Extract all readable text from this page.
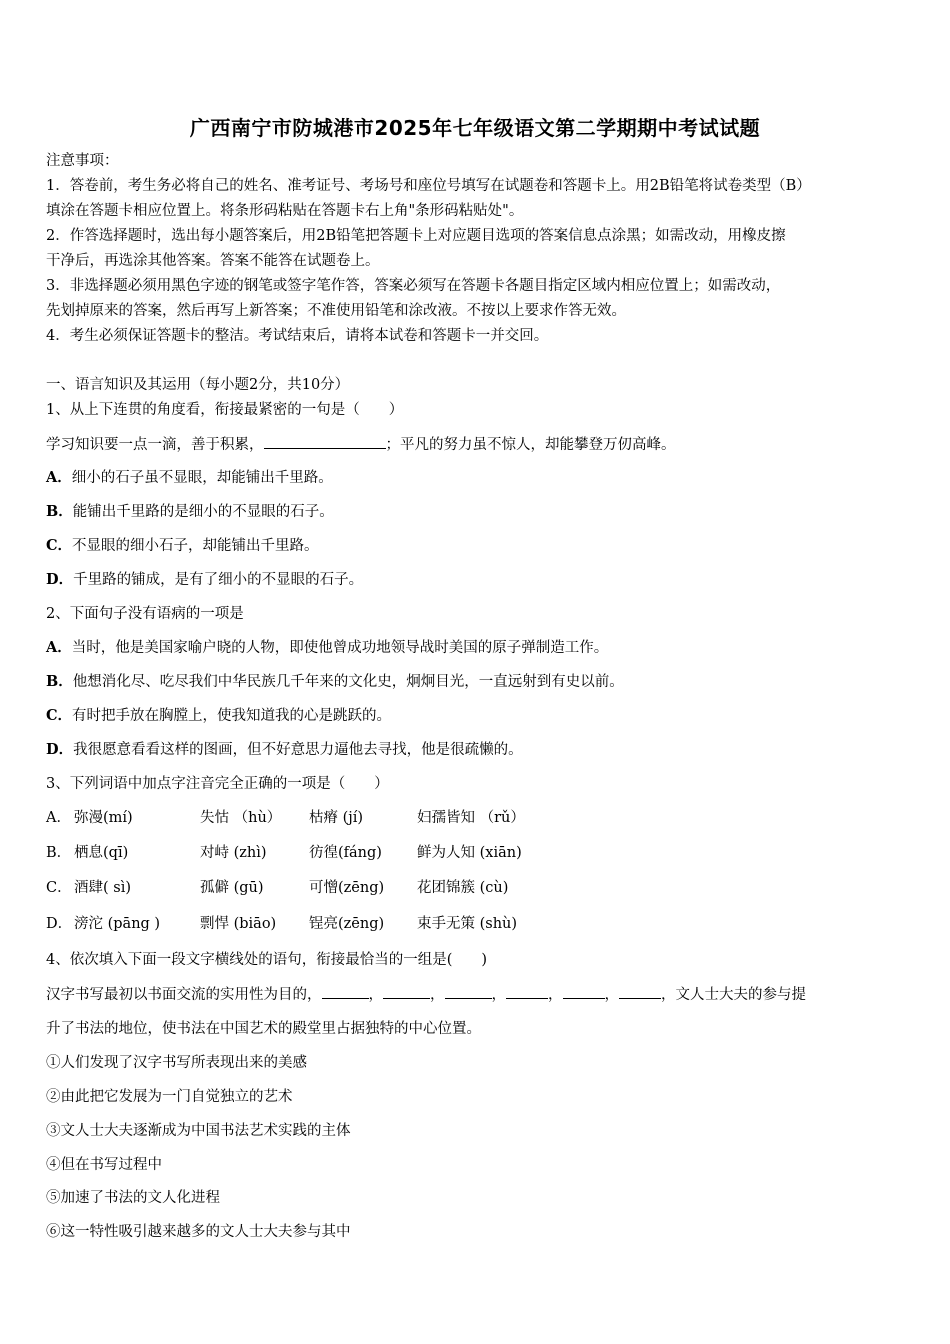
广西南宁市防城港市2025年七年级语文第二学期期中考试试题
注意事项：
1．答卷前，考生务必将自己的姓名、准考证号、考场号和座位号填写在试题卷和答题卡上。用2B铅笔将试卷类型（B）
填涂在答题卡相应位置上。将条形码粘贴在答题卡右上角"条形码粘贴处"。
2．作答选择题时，选出每小题答案后，用2B铅笔把答题卡上对应题目选项的答案信息点涂黑；如需改动，用橡皮擦
干净后，再选涂其他答案。答案不能答在试题卷上。
3．非选择题必须用黑色字迹的钢笔或签字笔作答，答案必须写在答题卡各题目指定区域内相应位置上；如需改动，
先划掉原来的答案，然后再写上新答案；不准使用铅笔和涂改液。不按以上要求作答无效。
4．考生必须保证答题卡的整洁。考试结束后，请将本试卷和答题卡一并交回。
一、语言知识及其运用（每小题2分，共10分）
1、从上下连贯的角度看，衔接最紧密的一句是（　　）
学习知识要一点一滴，善于积累，	；平凡的努力虽不惊人，却能攀登万仞高峰。
A．细小的石子虽不显眼，却能铺出千里路。
B．能铺出千里路的是细小的不显眼的石子。
C．不显眼的细小石子，却能铺出千里路。
D．千里路的铺成，是有了细小的不显眼的石子。
2、下面句子没有语病的一项是
A．当时，他是美国家喻户晓的人物，即使他曾成功地领导战时美国的原子弹制造工作。
B．他想消化尽、吃尽我们中华民族几千年来的文化史，炯炯目光，一直远射到有史以前。
C．有时把手放在胸膛上，使我知道我的心是跳跃的。
D．我很愿意看看这样的图画，但不好意思力逼他去寻找，他是很疏懒的。
3、下列词语中加点字注音完全正确的一项是（　　）
A． 弥漫(mí)	失怙 （hù） 枯瘠 (jí)	妇孺皆知 （rǔ）
B． 栖息(qī)	对峙 (zhì)	彷徨(fáng) 鲜为人知 (xiān)
C． 酒肆( sì)	孤僻 (gū)	可憎(zēng) 花团锦簇 (cù)
D． 滂沱 (pāng )	剽悍 (biāo) 锃亮(zēng) 束手无策 (shù)
4、依次填入下面一段文字横线处的语句，衔接最恰当的一组是(　　)
汉字书写最初以书面交流的实用性为目的，	，	，	，	，	，	，文人士大夫的参与提
升了书法的地位，使书法在中国艺术的殿堂里占据独特的中心位置。
①人们发现了汉字书写所表现出来的美感
②由此把它发展为一门自觉独立的艺术
③文人士大夫逐渐成为中国书法艺术实践的主体
④但在书写过程中
⑤加速了书法的文人化进程
⑥这一特性吸引越来越多的文人士大夫参与其中
